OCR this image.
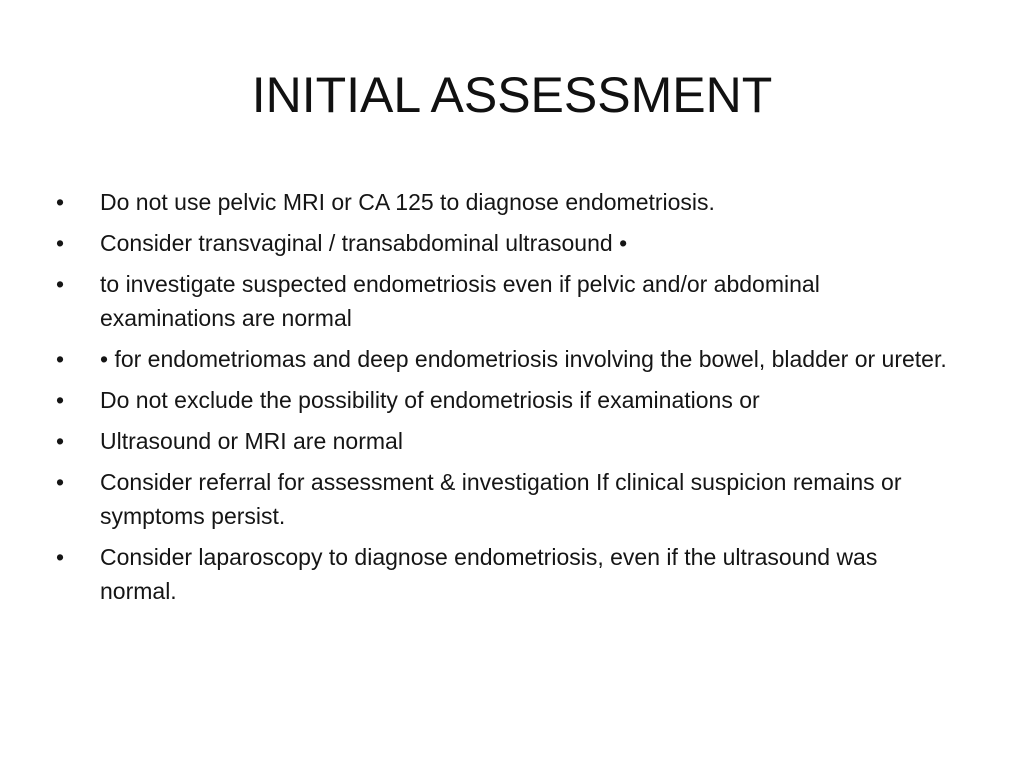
INITIAL ASSESSMENT
•	Do not use pelvic MRI or CA 125 to diagnose endometriosis.
•	Consider transvaginal / transabdominal ultrasound •
•	to investigate suspected endometriosis even if pelvic and/or abdominal examinations are normal
•	• for endometriomas and deep endometriosis involving the bowel, bladder or ureter.
•	Do not exclude the possibility of endometriosis if examinations or
•	Ultrasound or MRI are normal
•	Consider referral for assessment & investigation If clinical suspicion remains or symptoms persist.
•	Consider laparoscopy to diagnose endometriosis, even if the ultrasound was normal.
